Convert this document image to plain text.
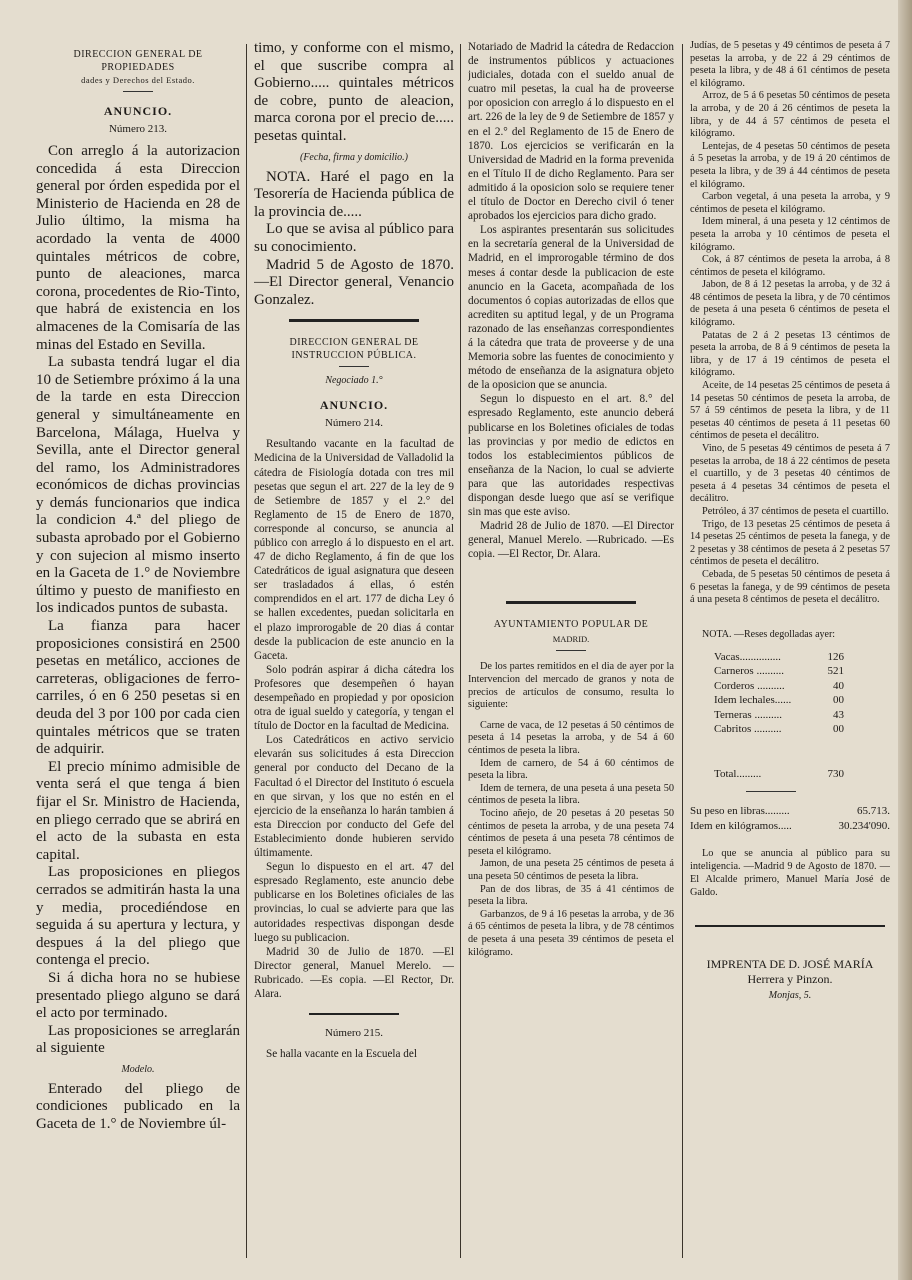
DIRECCION GENERAL DE PROPIEDADES
dades y Derechos del Estado.
ANUNCIO.
Número 213.

Con arreglo á la autorizacion concedida á esta Direccion general por órden espedida por el Ministerio de Hacienda en 28 de Julio último, la misma ha acordado la venta de 4000 quintales métricos de cobre, punto de aleaciones, marca corona, procedentes de Rio-Tinto, que habrá de existencia en los almacenes de la Comisaría de las minas del Estado en Sevilla.

La subasta tendrá lugar el dia 10 de Setiembre próximo á la una de la tarde en esta Direccion general y simultáneamente en Barcelona, Málaga, Huelva y Sevilla, ante el Director general del ramo, los Administradores económicos de dichas provincias y demás funcionarios que indica la condicion 4.ª del pliego de subasta aprobado por el Gobierno y con sujecion al mismo inserto en la Gaceta de 1.° de Noviembre último y puesto de manifiesto en los indicados puntos de subasta.

La fianza para hacer proposiciones consistirá en 2500 pesetas en metálico, acciones de carreteras, obligaciones de ferro-carriles, ó en 6 250 pesetas si en deuda del 3 por 100 por cada cien quintales métricos que se traten de adquirir.

El precio mínimo admisible de venta será el que tenga á bien fijar el Sr. Ministro de Hacienda, en pliego cerrado que se abrirá en el acto de la subasta en esta capital.

Las proposiciones en pliegos cerrados se admitirán hasta la una y media, procediéndose en seguida á su apertura y lectura, y despues á la del pliego que contenga el precio.

Si á dicha hora no se hubiese presentado pliego alguno se dará el acto por terminado.

Las proposiciones se arreglarán al siguiente

Modelo.

Enterado del pliego de condiciones publicado en la Gaceta de 1.° de Noviembre úl-

timo, y conforme con el mismo, el que suscribe compra al Gobierno..... quintales métricos de cobre, punto de aleacion, marca corona por el precio de..... pesetas quintal.

(Fecha, firma y domicilio.)

NOTA. Haré el pago en la Tesorería de Hacienda pública de la provincia de.....

Lo que se avisa al público para su conocimiento.

Madrid 5 de Agosto de 1870. —El Director general, Venancio Gonzalez.

DIRECCION GENERAL DE INSTRUCCION PÚBLICA.
Negociado 1.°
ANUNCIO.
Número 214.

Resultando vacante en la facultad de Medicina de la Universidad de Valladolid la cátedra de Fisiología dotada con tres mil pesetas que segun el art. 227 de la ley de 9 de Setiembre de 1857 y el 2.° del Reglamento de 15 de Enero de 1870, corresponde al concurso, se anuncia al público con arreglo á lo dispuesto en el art. 47 de dicho Reglamento, á fin de que los Catedráticos de igual asignatura que deseen ser trasladados á ellas, ó estén comprendidos en el art. 177 de dicha Ley ó se hallen excedentes, puedan solicitarla en el plazo improrogable de 20 dias á contar desde la publicacion de este anuncio en la Gaceta.

Solo podrán aspirar á dicha cátedra los Profesores que desempeñen ó hayan desempeñado en propiedad y por oposicion otra de igual sueldo y categoría, y tengan el título de Doctor en la facultad de Medicina.

Los Catedráticos en activo servicio elevarán sus solicitudes á esta Direccion general por conducto del Decano de la Facultad ó el Director del Instituto ó escuela en que sirvan, y los que no estén en el ejercicio de la enseñanza lo harán tambien á esta Direccion por conducto del Gefe del Establecimiento donde hubieren servido últimamente.

Segun lo dispuesto en el art. 47 del espresado Reglamento, este anuncio debe publicarse en los Boletines oficiales de las provincias, lo cual se advierte para que las autoridades respectivas dispongan desde luego su publicacion.

Madrid 30 de Julio de 1870. —El Director general, Manuel Merelo. —Rubricado. —Es copia. —El Rector, Dr. Alara.

Número 215.

Se halla vacante en la Escuela del

Notariado de Madrid la cátedra de Redaccion de instrumentos públicos y actuaciones judiciales, dotada con el sueldo anual de cuatro mil pesetas, la cual ha de proveerse por oposicion con arreglo á lo dispuesto en el art. 226 de la ley de 9 de Setiembre de 1857 y en el 2.° del Reglamento de 15 de Enero de 1870. Los ejercicios se verificarán en la Universidad de Madrid en la forma prevenida en el Título II de dicho Reglamento. Para ser admitido á la oposicion solo se requiere tener el título de Doctor en Derecho civil ó tener aprobados los ejercicios para dicho grado.

Los aspirantes presentarán sus solicitudes en la secretaría general de la Universidad de Madrid, en el improrogable término de dos meses á contar desde la publicacion de este anuncio en la Gaceta, acompañada de los documentos ó copias autorizadas de ellos que acrediten su aptitud legal, y de un Programa razonado de las enseñanzas correspondientes á la cátedra que trata de proveerse y de una Memoria sobre las fuentes de conocimiento y método de enseñanza de la asignatura objeto de la oposicion que se anuncia.

Segun lo dispuesto en el art. 8.° del espresado Reglamento, este anuncio deberá publicarse en los Boletines oficiales de todas las provincias y por medio de edictos en todos los establecimientos públicos de enseñanza de la Nacion, lo cual se advierte para que las autoridades respectivas dispongan desde luego que así se verifique sin mas que este aviso.

Madrid 28 de Julio de 1870. —El Director general, Manuel Merelo. —Rubricado. —Es copia. —El Rector, Dr. Alara.

AYUNTAMIENTO POPULAR DE
MADRID.

De los partes remitidos en el dia de ayer por la Intervencion del mercado de granos y nota de precios de artículos de consumo, resulta lo siguiente:

Carne de vaca, de 12 pesetas á 50 céntimos de peseta á 14 pesetas la arroba, y de 54 á 60 céntimos de peseta la libra.

Idem de carnero, de 54 á 60 céntimos de peseta la libra.

Idem de ternera, de una peseta á una peseta 50 céntimos de peseta la libra.

Tocino añejo, de 20 pesetas á 20 pesetas 50 céntimos de peseta la arroba, y de una peseta 74 céntimos de peseta á una peseta 78 céntimos de peseta el kilógramo.

Jamon, de una peseta 25 céntimos de peseta á una peseta 50 céntimos de peseta la libra.

Pan de dos libras, de 35 á 41 céntimos de peseta la libra.

Garbanzos, de 9 á 16 pesetas la arroba, y de 36 á 65 céntimos de peseta la libra, y de 78 céntimos de peseta á una peseta 39 céntimos de peseta el kilógramo.

Judías, de 5 pesetas y 49 céntimos de peseta á 7 pesetas la arroba, y de 22 á 29 céntimos de peseta la libra, y de 48 á 61 céntimos de peseta el kilógramo.

Arroz, de 5 á 6 pesetas 50 céntimos de peseta la arroba, y de 20 á 26 céntimos de peseta la libra, y de 44 á 57 céntimos de peseta el kilógramo.

Lentejas, de 4 pesetas 50 céntimos de peseta á 5 pesetas la arroba, y de 19 á 20 céntimos de peseta la libra, y de 39 á 44 céntimos de peseta el kilógramo.

Carbon vegetal, á una peseta la arroba, y 9 céntimos de peseta el kilógramo.

Idem mineral, á una peseta y 12 céntimos de peseta la arroba y 10 céntimos de peseta el kilógramo.

Cok, á 87 céntimos de peseta la arroba, á 8 céntimos de peseta el kilógramo.

Jabon, de 8 á 12 pesetas la arroba, y de 32 á 48 céntimos de peseta la libra, y de 70 céntimos de peseta á una peseta 6 céntimos de peseta el kilógramo.

Patatas de 2 á 2 pesetas 13 céntimos de peseta la arroba, de 8 á 9 céntimos de peseta la libra, y de 17 á 19 céntimos de peseta el kilógramo.

Aceite, de 14 pesetas 25 céntimos de peseta á 14 pesetas 50 céntimos de peseta la arroba, de 57 á 59 céntimos de peseta la libra, y de 11 pesetas 40 céntimos de peseta á 11 pesetas 60 céntimos de peseta el decálitro.

Vino, de 5 pesetas 49 céntimos de peseta á 7 pesetas la arroba, de 18 á 22 céntimos de peseta el cuartillo, y de 3 pesetas 40 céntimos de peseta á 4 pesetas 34 céntimos de peseta el decálitro.

Petróleo, á 37 céntimos de peseta el cuartillo.

Trigo, de 13 pesetas 25 céntimos de peseta á 14 pesetas 25 céntimos de peseta la fanega, y de 2 pesetas y 38 céntimos de peseta á 2 pesetas 57 céntimos de peseta el decálitro.

Cebada, de 5 pesetas 50 céntimos de peseta á 6 pesetas la fanega, y de 99 céntimos de peseta á una peseta 8 céntimos de peseta el decálitro.

NOTA. —Reses degolladas ayer:
Vacas...............	126
Carneros ..........	521
Corderos ..........	40
Idem lechales......	00
Terneras ..........	43
Cabritos ..........	00
Total.........	730
Su peso en libras.........	65.713.
Idem en kilógramos.....	30.234'090.

Lo que se anuncia al público para su inteligencia. —Madrid 9 de Agosto de 1870. —El Alcalde primero, Manuel María José de Galdo.

IMPRENTA DE D. JOSÉ MARÍA Herrera y Pinzon.
Monjas, 5.
